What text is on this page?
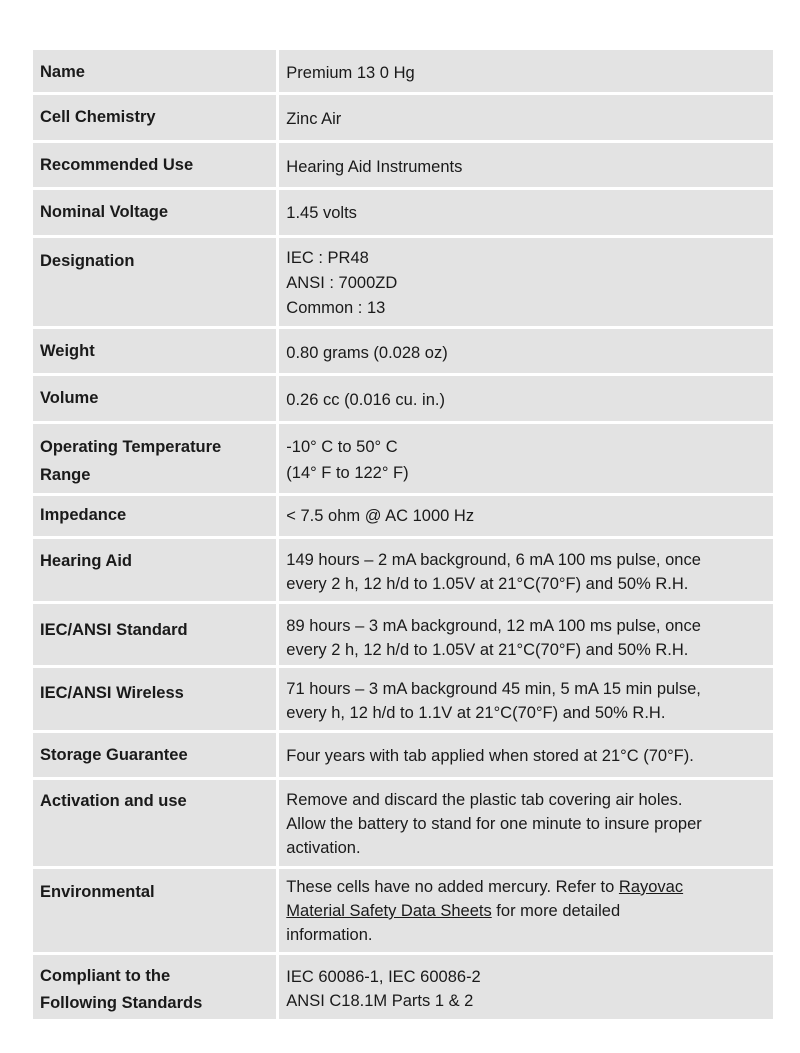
Name	Premium 13 0 Hg

Cell Chemistry	Zinc Air

Recommended Use	Hearing Aid Instruments

Nominal Voltage	1.45 volts

Designation	IEC : PR48
ANSI : 7000ZD
Common : 13

Weight	0.80 grams (0.028 oz)

Volume	0.26 cc (0.016 cu. in.)

Operating Temperature
Range	-10° C to 50° C
(14° F to 122° F)

Impedance	< 7.5 ohm @ AC 1000 Hz

Hearing Aid	149 hours – 2 mA background, 6 mA 100 ms pulse, once
every 2 h, 12 h/d to 1.05V at 21°C(70°F) and 50% R.H.

IEC/ANSI Standard	89 hours – 3 mA background, 12 mA 100 ms pulse, once
every 2 h, 12 h/d to 1.05V at 21°C(70°F) and 50% R.H.

IEC/ANSI Wireless	71 hours – 3 mA background 45 min, 5 mA 15 min pulse,
every h, 12 h/d to 1.1V at 21°C(70°F) and 50% R.H.

Storage Guarantee	Four years with tab applied when stored at 21°C (70°F).

Activation and use	Remove and discard the plastic tab covering air holes.
Allow the battery to stand for one minute to insure proper
activation.

Environmental	These cells have no added mercury. Refer to Rayovac
Material Safety Data Sheets for more detailed
information.

Compliant to the
Following Standards	IEC 60086-1, IEC 60086-2
ANSI C18.1M Parts 1 & 2
